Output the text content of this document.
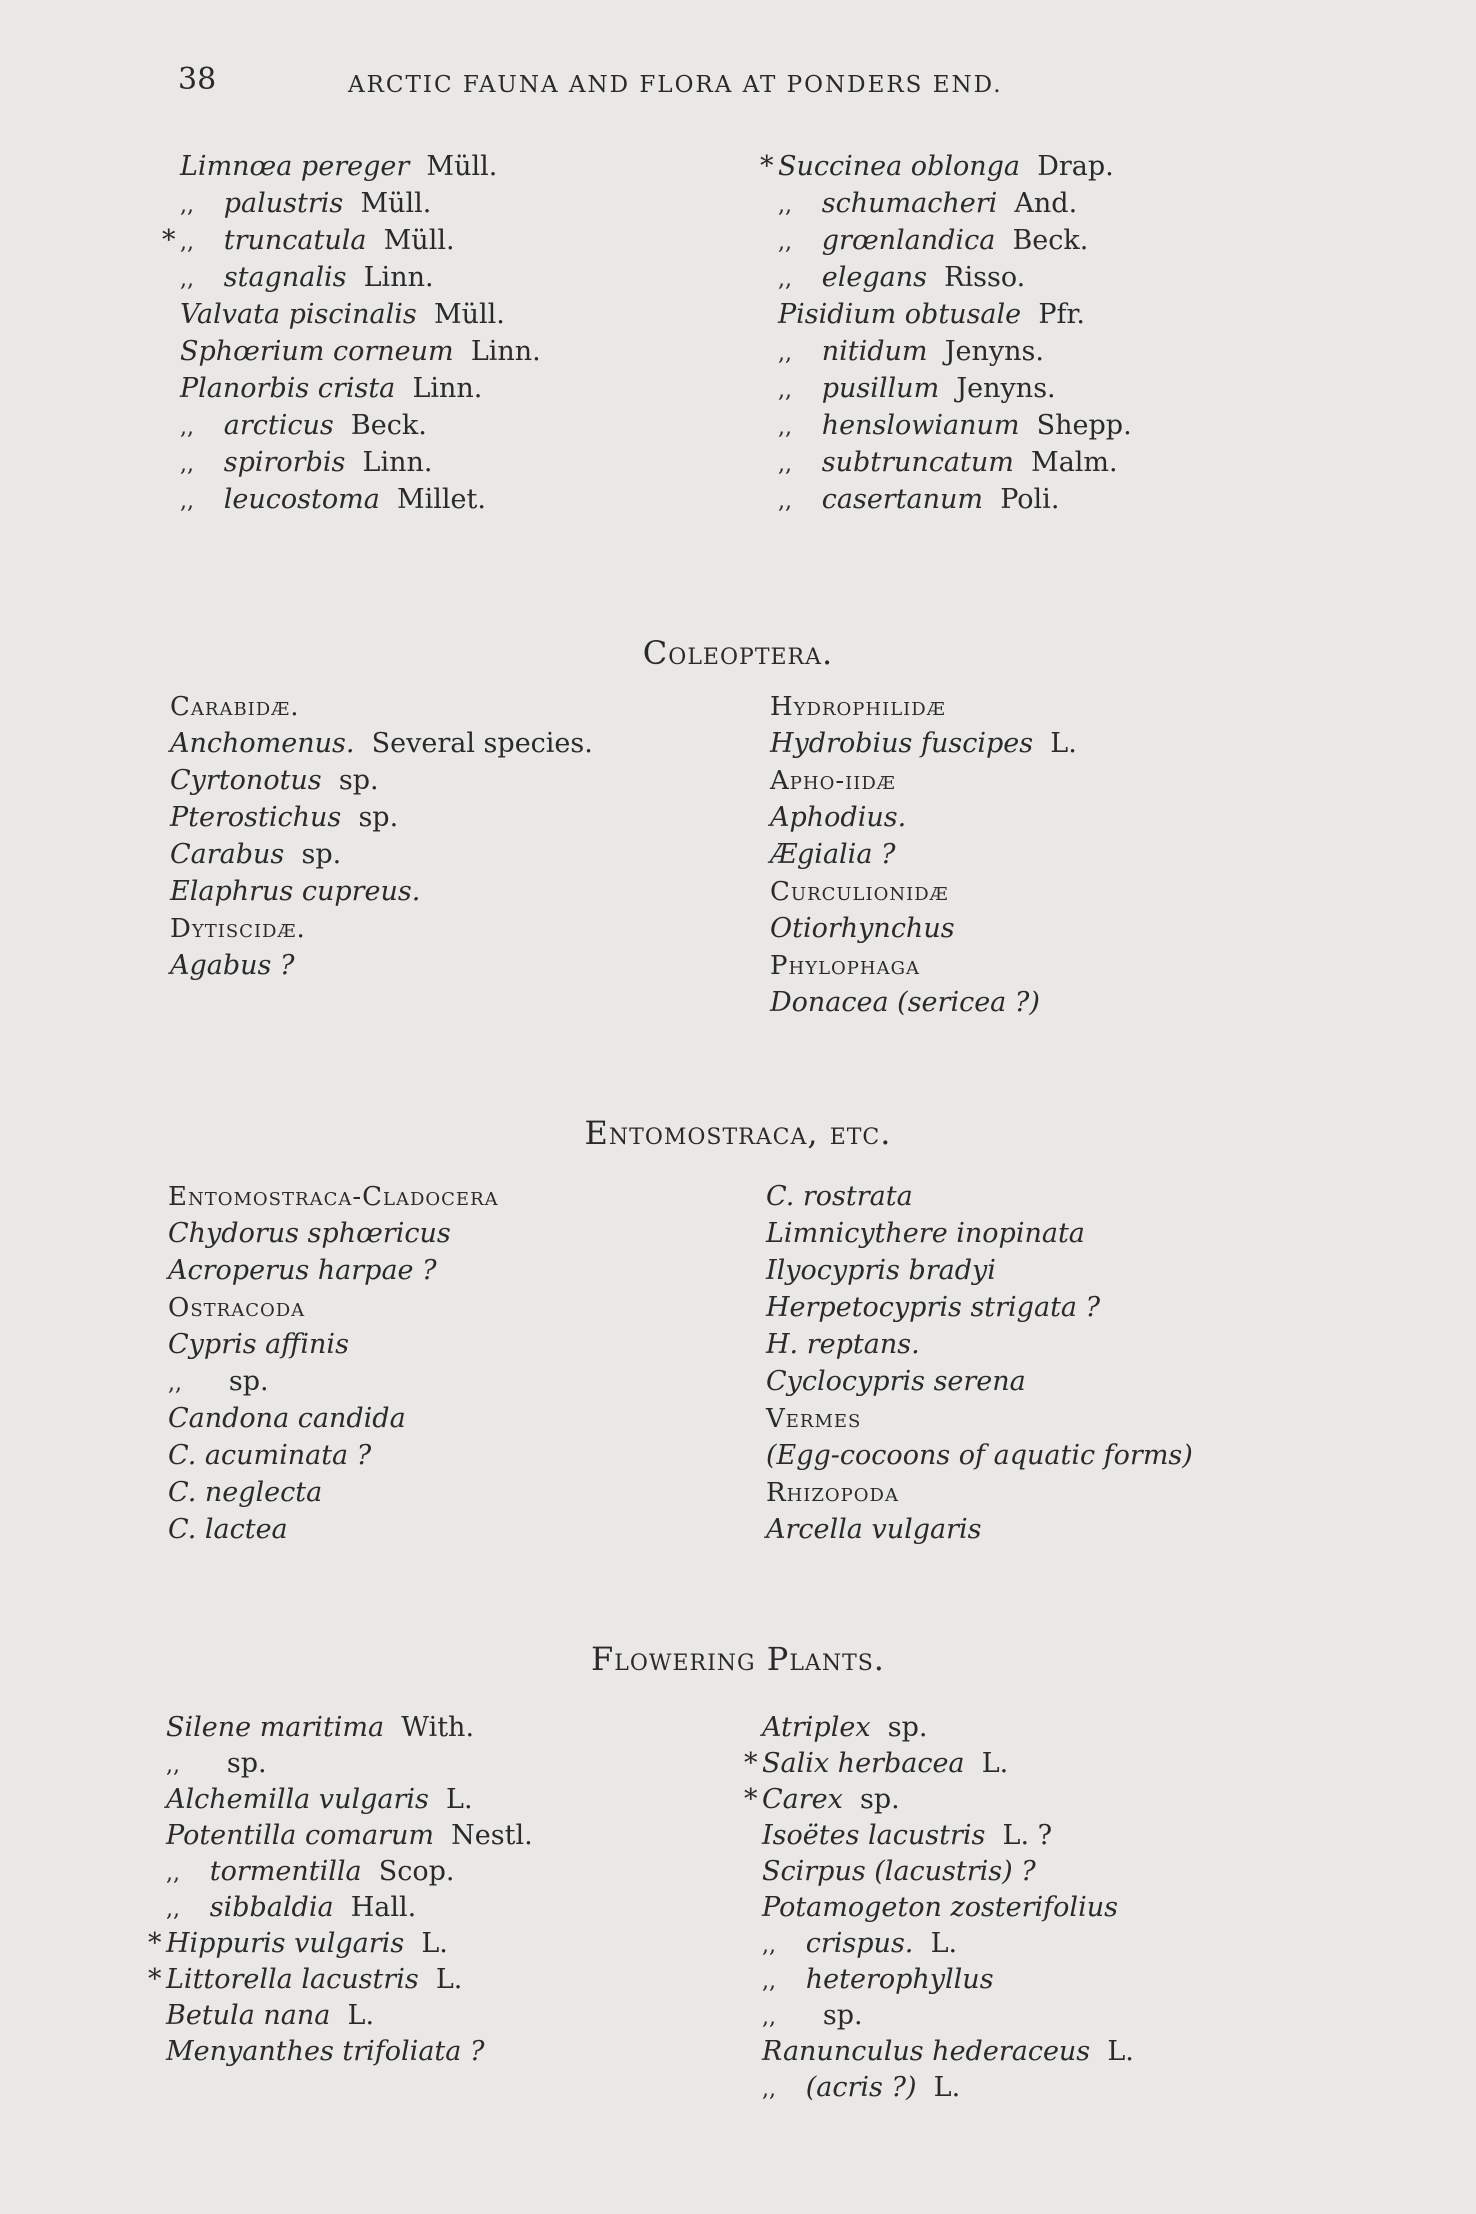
38	ARCTIC FAUNA AND FLORA AT PONDERS END.
Limnœa pereger Müll.
,, palustris Müll.
* ,, truncatula Müll.
,, stagnalis Linn.
Valvata piscinalis Müll.
Sphœrium corneum Linn.
Planorbis crista Linn.
,, arcticus Beck.
,, spirorbis Linn.
,, leucostoma Millet.
* Succinea oblonga Drap.
,, schumacheri And.
,, grœnlandica Beck.
,, elegans Risso.
Pisidium obtusale Pfr.
,, nitidum Jenyns.
,, pusillum Jenyns.
,, henslowianum Shepp.
,, subtruncatum Malm.
,, casertanum Poli.
Coleoptera.
Carabidæ.
Anchomenus. Several species.
Cyrtonotus sp.
Pterostichus sp.
Carabus sp.
Elaphrus cupreus.
Dytiscidæ.
Agabus ?
Hydrophilidæ
Hydrobius fuscipes L.
Apho-iidæ
Aphodius.
Ægialia ?
Curculionidæ
Otiorhynchus
Phylophaga
Donacea (sericea ?)
Entomostraca, etc.
Entomostraca-Cladocera
Chydorus sphœricus
Acroperus harpae ?
Ostracoda
Cypris affinis
,, sp.
Candona candida
C. acuminata ?
C. neglecta
C. lactea
C. rostrata
Limnicythere inopinata
Ilyocypris bradyi
Herpetocypris strigata ?
H. reptans.
Cyclocypris serena
Vermes
(Egg-cocoons of aquatic forms)
Rhizopoda
Arcella vulgaris
Flowering Plants.
Silene maritima With.
,, sp.
Alchemilla vulgaris L.
Potentilla comarum Nestl.
,, tormentilla Scop.
,, sibbaldia Hall.
* Hippuris vulgaris L.
* Littorella lacustris L.
Betula nana L.
Menyanthes trifoliata ?
Atriplex sp.
* Salix herbacea L.
* Carex sp.
Isoëtes lacustris L. ?
Scirpus (lacustris) ?
Potamogeton zosterifolius
,, crispus. L.
,, heterophyllus
,, sp.
Ranunculus hederaceus L.
,, (acris ?) L.
